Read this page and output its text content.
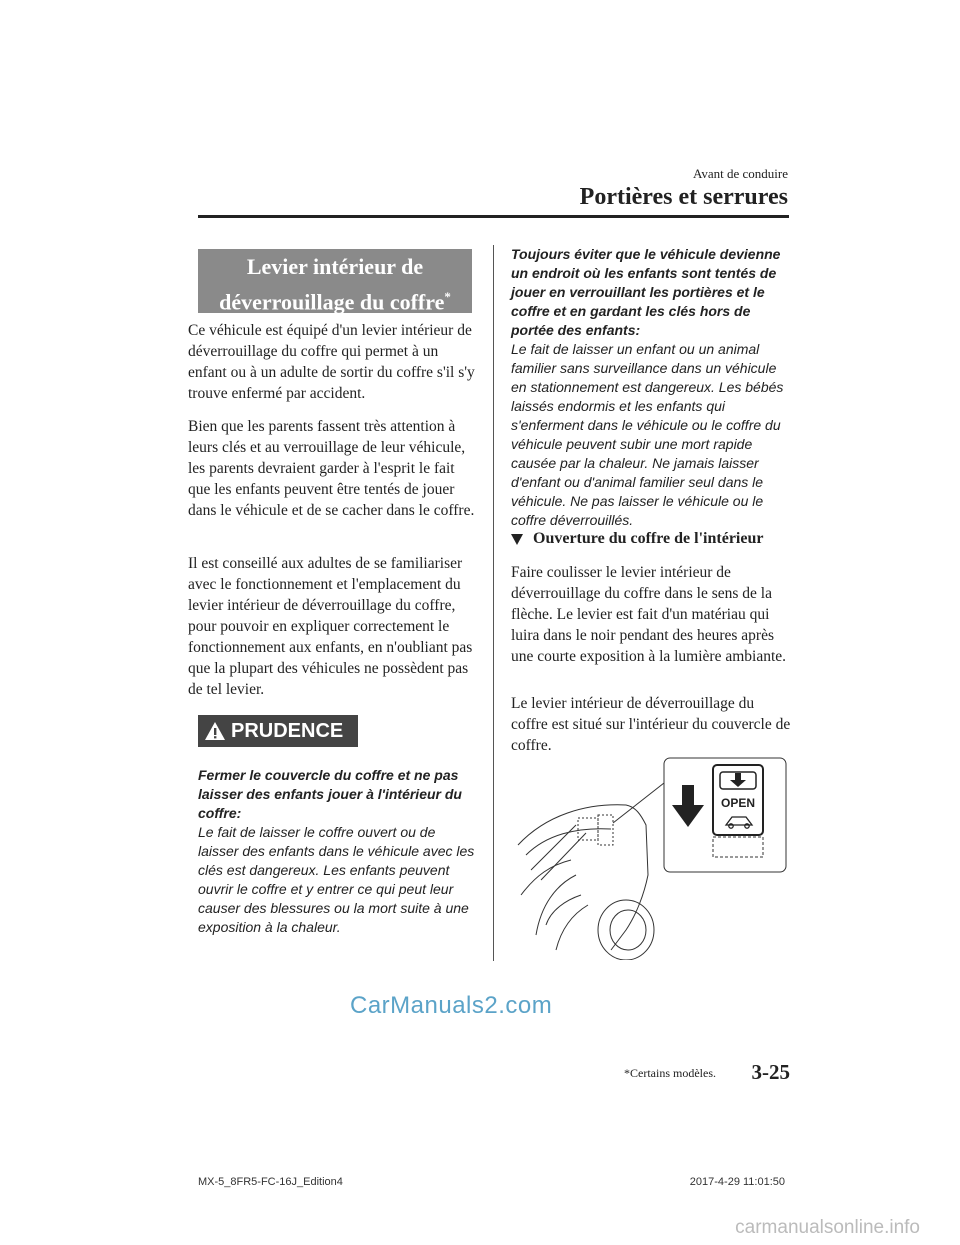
Avant de conduire
Portières et serrures
Levier intérieur de
déverrouillage du coffre*
Ce véhicule est équipé d'un levier intérieur de déverrouillage du coffre qui permet à un enfant ou à un adulte de sortir du coffre s'il s'y trouve enfermé par accident.
Bien que les parents fassent très attention à leurs clés et au verrouillage de leur véhicule, les parents devraient garder à l'esprit le fait que les enfants peuvent être tentés de jouer dans le véhicule et de se cacher dans le coffre.
Il est conseillé aux adultes de se familiariser avec le fonctionnement et l'emplacement du levier intérieur de déverrouillage du coffre, pour pouvoir en expliquer correctement le fonctionnement aux enfants, en n'oubliant pas que la plupart des véhicules ne possèdent pas de tel levier.
PRUDENCE
Fermer le couvercle du coffre et ne pas laisser des enfants jouer à l'intérieur du coffre:
Le fait de laisser le coffre ouvert ou de laisser des enfants dans le véhicule avec les clés est dangereux. Les enfants peuvent ouvrir le coffre et y entrer ce qui peut leur causer des blessures ou la mort suite à une exposition à la chaleur.
Toujours éviter que le véhicule devienne un endroit où les enfants sont tentés de jouer en verrouillant les portières et le coffre et en gardant les clés hors de portée des enfants:
Le fait de laisser un enfant ou un animal familier sans surveillance dans un véhicule en stationnement est dangereux. Les bébés laissés endormis et les enfants qui s'enferment dans le véhicule ou le coffre du véhicule peuvent subir une mort rapide causée par la chaleur. Ne jamais laisser d'enfant ou d'animal familier seul dans le véhicule. Ne pas laisser le véhicule ou le coffre déverrouillés.
Ouverture du coffre de l'intérieur
Faire coulisser le levier intérieur de déverrouillage du coffre dans le sens de la flèche. Le levier est fait d'un matériau qui luira dans le noir pendant des heures après une courte exposition à la lumière ambiante.
Le levier intérieur de déverrouillage du coffre est situé sur l'intérieur du couvercle de coffre.
OPEN
CarManuals2.com
*Certains modèles. 3-25
MX-5_8FR5-FC-16J_Edition4	2017-4-29 11:01:50
carmanualsonline.info
